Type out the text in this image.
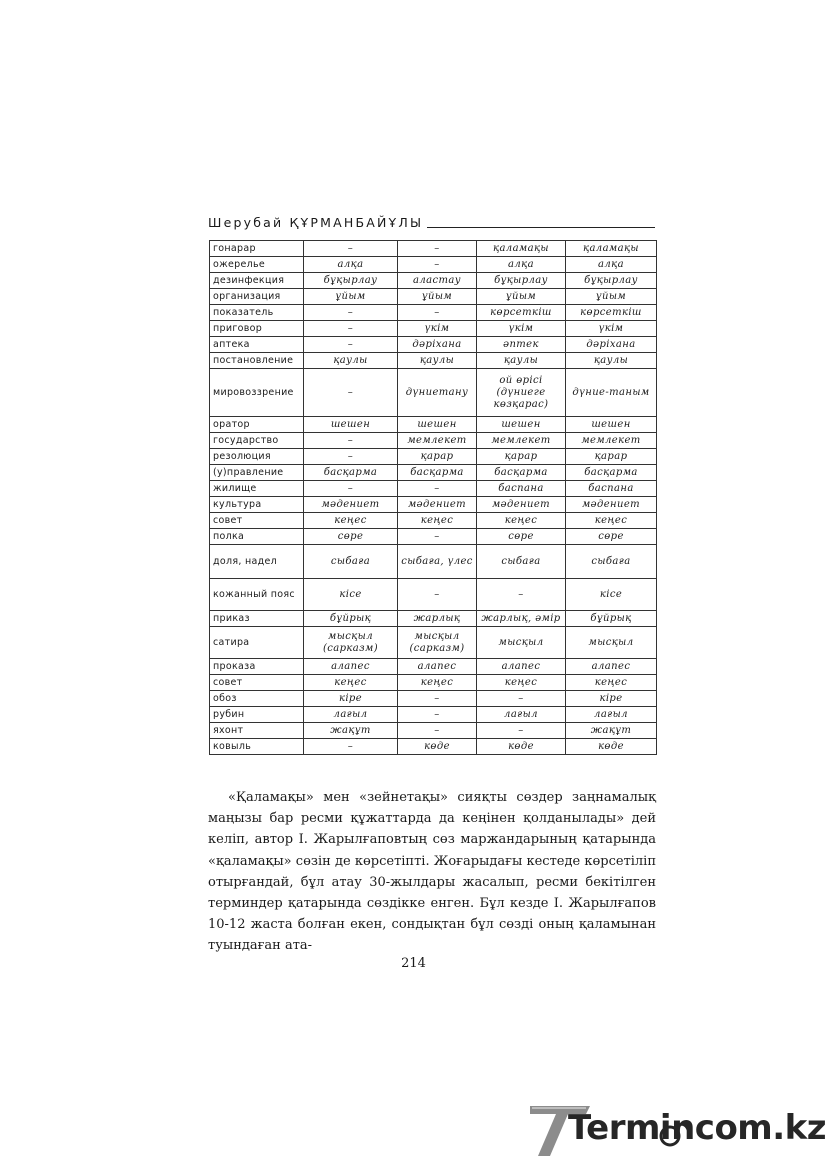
Шерубай ҚҰРМАНБАЙҰЛЫ
гонарар	–	–	қаламақы	қаламақы
ожерелье	алқа	–	алқа	алқа
дезинфекция	бұқырлау	аластау	бұқырлау	бұқырлау
организация	ұйым	ұйым	ұйым	ұйым
показатель	–	–	көрсеткіш	көрсеткіш
приговор	–	үкім	үкім	үкім
аптека	–	дәріхана	әптек	дәріхана
постановление	қаулы	қаулы	қаулы	қаулы
мировоззрение	–	дүниетану	ой өрісі (дүниеге көзқарас)	дүние-таным
оратор	шешен	шешен	шешен	шешен
государство	–	мемлекет	мемлекет	мемлекет
резолюция	–	қарар	қарар	қарар
(у)правление	басқарма	басқарма	басқарма	басқарма
жилище	–	–	баспана	баспана
культура	мәдениет	мәдениет	мәдениет	мәдениет
совет	кеңес	кеңес	кеңес	кеңес
полка	сөре	–	сөре	сөре
доля, надел	сыбаға	сыбаға, үлес	сыбаға	сыбаға
кожанный пояс	кісе	–	–	кісе
приказ	бұйрық	жарлық	жарлық, әмір	бұйрық
сатира	мысқыл (сарказм)	мысқыл (сарказм)	мысқыл	мысқыл
проказа	алапес	алапес	алапес	алапес
совет	кеңес	кеңес	кеңес	кеңес
обоз	кіре	–	–	кіре
рубин	лағыл	–	лағыл	лағыл
яхонт	жақұт	–	–	жақұт
ковыль	–	көде	көде	көде

«Қаламақы» мен «зейнетақы» сияқты сөздер заңнамалық маңызы бар ресми құжаттарда да кеңінен қолданылады» дей келіп, автор І. Жарылғаповтың сөз маржандарының қатарында «қаламақы» сөзін де көрсетіпті. Жоғарыдағы кестеде көрсетіліп отырғандай, бұл атау 30-жылдары жасалып, ресми бекітілген терминдер қатарында сөздікке енген. Бұл кезде І. Жарылғапов 10-12 жаста болған екен, сондықтан бұл сөзді оның қаламынан туындаған ата-

214
Termincom.kz
